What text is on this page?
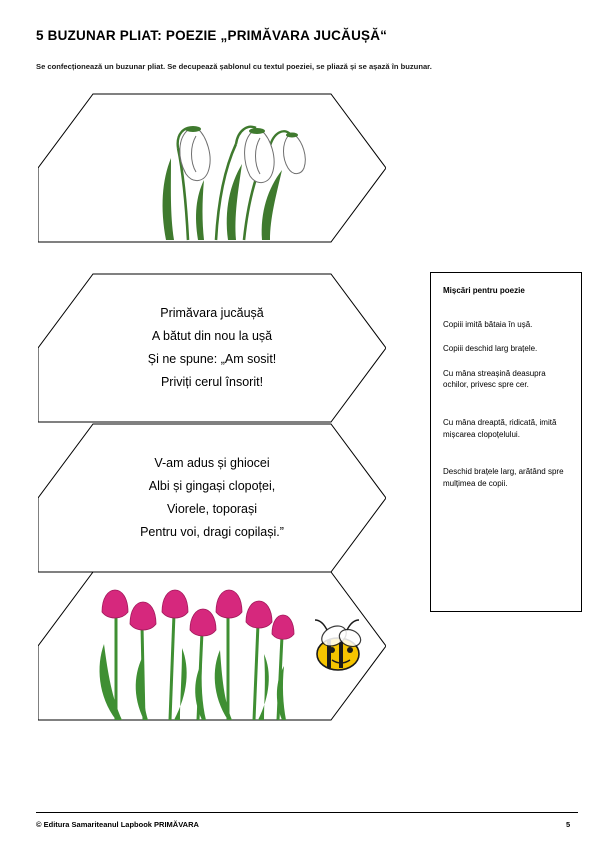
5 BUZUNAR PLIAT: POEZIE „PRIMĂVARA JUCĂUȘĂ“
Se confecționează un buzunar pliat. Se decupează șablonul cu textul poeziei, se pliază și se așază în buzunar.
Primăvara jucăușă
A bătut din nou la ușă
Și ne spune: „Am sosit!
Priviți cerul însorit!
V-am adus și ghiocei
Albi și gingași clopoței,
Viorele, toporași
Pentru voi, dragi copilași.”
Mișcări pentru poezie

Copiii imită bătaia în ușă.

Copiii deschid larg brațele.

Cu mâna streașină deasupra ochilor, privesc spre cer.

Cu mâna dreaptă, ridicată, imită mișcarea clopoțelului.

Deschid brațele larg, arătând spre mulțimea de copii.

© Editura Samariteanul Lapbook PRIMĂVARA	5
